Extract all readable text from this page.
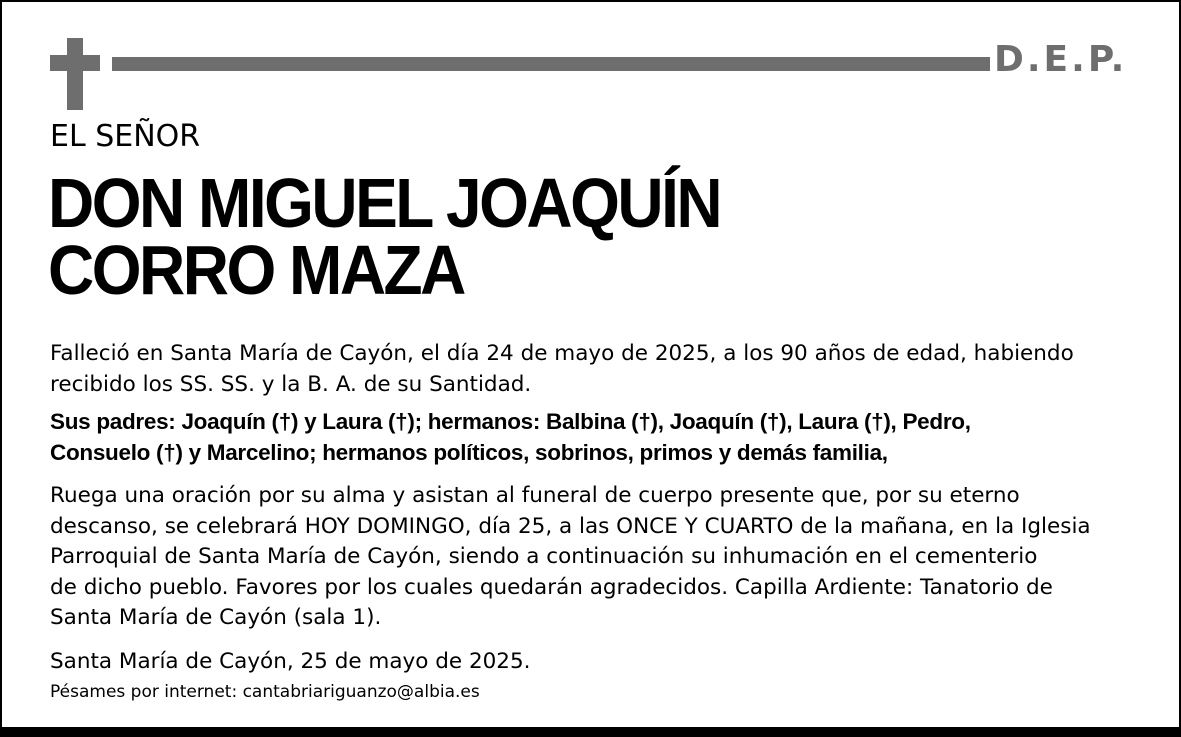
D.E.P.
EL SEÑOR
DON MIGUEL JOAQUÍN
CORRO MAZA
Falleció en Santa María de Cayón, el día 24 de mayo de 2025, a los 90 años de edad, habiendo
recibido los SS. SS. y la B. A. de su Santidad.
Sus padres: Joaquín (†) y Laura (†); hermanos: Balbina (†), Joaquín (†), Laura (†), Pedro,
Consuelo (†) y Marcelino; hermanos políticos, sobrinos, primos y demás familia,
Ruega una oración por su alma y asistan al funeral de cuerpo presente que, por su eterno
descanso, se celebrará HOY DOMINGO, día 25, a las ONCE Y CUARTO de la mañana, en la Iglesia
Parroquial de Santa María de Cayón, siendo a continuación su inhumación en el cementerio
de dicho pueblo. Favores por los cuales quedarán agradecidos. Capilla Ardiente: Tanatorio de
Santa María de Cayón (sala 1).
Santa María de Cayón, 25 de mayo de 2025.
Pésames por internet: cantabriariguanzo@albia.es
